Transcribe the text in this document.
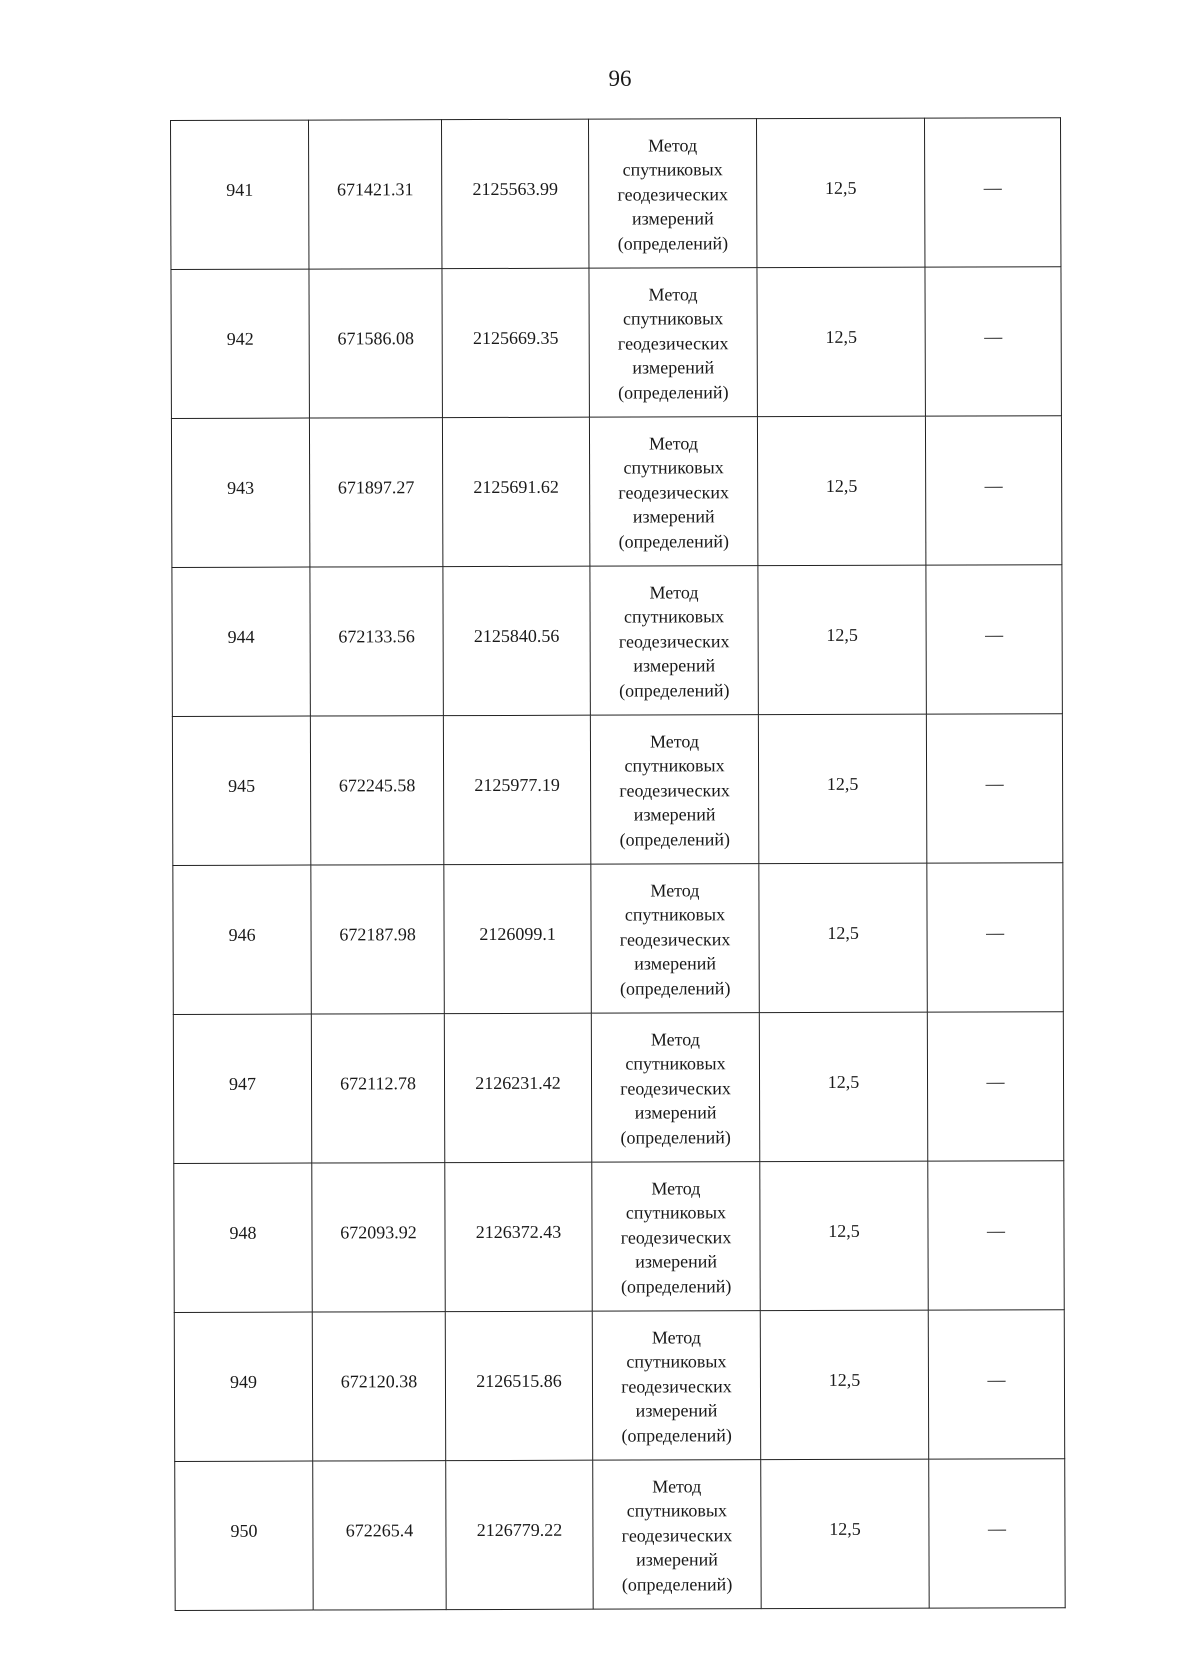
96
941	671421.31	2125563.99	Метод
спутниковых
геодезических
измерений
(определений)	12,5	—
942	671586.08	2125669.35	Метод
спутниковых
геодезических
измерений
(определений)	12,5	—
943	671897.27	2125691.62	Метод
спутниковых
геодезических
измерений
(определений)	12,5	—
944	672133.56	2125840.56	Метод
спутниковых
геодезических
измерений
(определений)	12,5	—
945	672245.58	2125977.19	Метод
спутниковых
геодезических
измерений
(определений)	12,5	—
946	672187.98	2126099.1	Метод
спутниковых
геодезических
измерений
(определений)	12,5	—
947	672112.78	2126231.42	Метод
спутниковых
геодезических
измерений
(определений)	12,5	—
948	672093.92	2126372.43	Метод
спутниковых
геодезических
измерений
(определений)	12,5	—
949	672120.38	2126515.86	Метод
спутниковых
геодезических
измерений
(определений)	12,5	—
950	672265.4	2126779.22	Метод
спутниковых
геодезических
измерений
(определений)	12,5	—
